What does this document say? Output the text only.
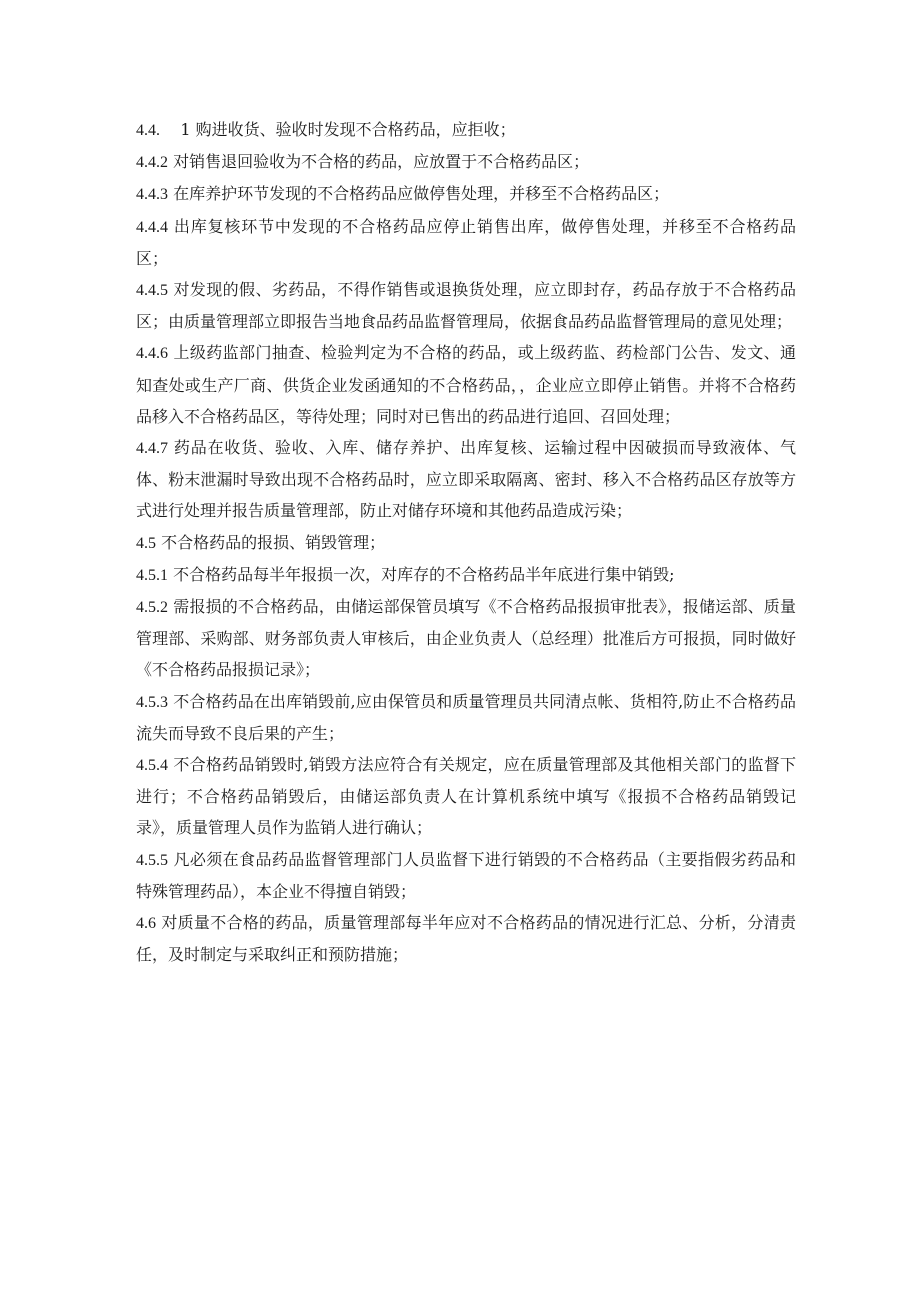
4.4. 1 购进收货、验收时发现不合格药品，应拒收；

4.4.2 对销售退回验收为不合格的药品，应放置于不合格药品区；

4.4.3 在库养护环节发现的不合格药品应做停售处理，并移至不合格药品区；

4.4.4 出库复核环节中发现的不合格药品应停止销售出库，做停售处理，并移至不合格药品区；

4.4.5 对发现的假、劣药品，不得作销售或退换货处理，应立即封存，药品存放于不合格药品区；由质量管理部立即报告当地食品药品监督管理局，依据食品药品监督管理局的意见处理；

4.4.6 上级药监部门抽查、检验判定为不合格的药品，或上级药监、药检部门公告、发文、通知查处或生产厂商、供货企业发函通知的不合格药品，，企业应立即停止销售。并将不合格药品移入不合格药品区，等待处理；同时对已售出的药品进行追回、召回处理；

4.4.7 药品在收货、验收、入库、储存养护、出库复核、运输过程中因破损而导致液体、气体、粉末泄漏时导致出现不合格药品时，应立即采取隔离、密封、移入不合格药品区存放等方式进行处理并报告质量管理部，防止对储存环境和其他药品造成污染；

4.5 不合格药品的报损、销毁管理；

4.5.1 不合格药品每半年报损一次，对库存的不合格药品半年底进行集中销毁;

4.5.2 需报损的不合格药品，由储运部保管员填写《不合格药品报损审批表》，报储运部、质量管理部、采购部、财务部负责人审核后，由企业负责人（总经理）批准后方可报损，同时做好《不合格药品报损记录》；

4.5.3 不合格药品在出库销毁前,应由保管员和质量管理员共同清点帐、货相符,防止不合格药品流失而导致不良后果的产生；

4.5.4 不合格药品销毁时,销毁方法应符合有关规定，应在质量管理部及其他相关部门的监督下进行；不合格药品销毁后，由储运部负责人在计算机系统中填写《报损不合格药品销毁记录》，质量管理人员作为监销人进行确认；

4.5.5 凡必须在食品药品监督管理部门人员监督下进行销毁的不合格药品（主要指假劣药品和特殊管理药品），本企业不得擅自销毁；

4.6 对质量不合格的药品，质量管理部每半年应对不合格药品的情况进行汇总、分析，分清责任，及时制定与采取纠正和预防措施；
